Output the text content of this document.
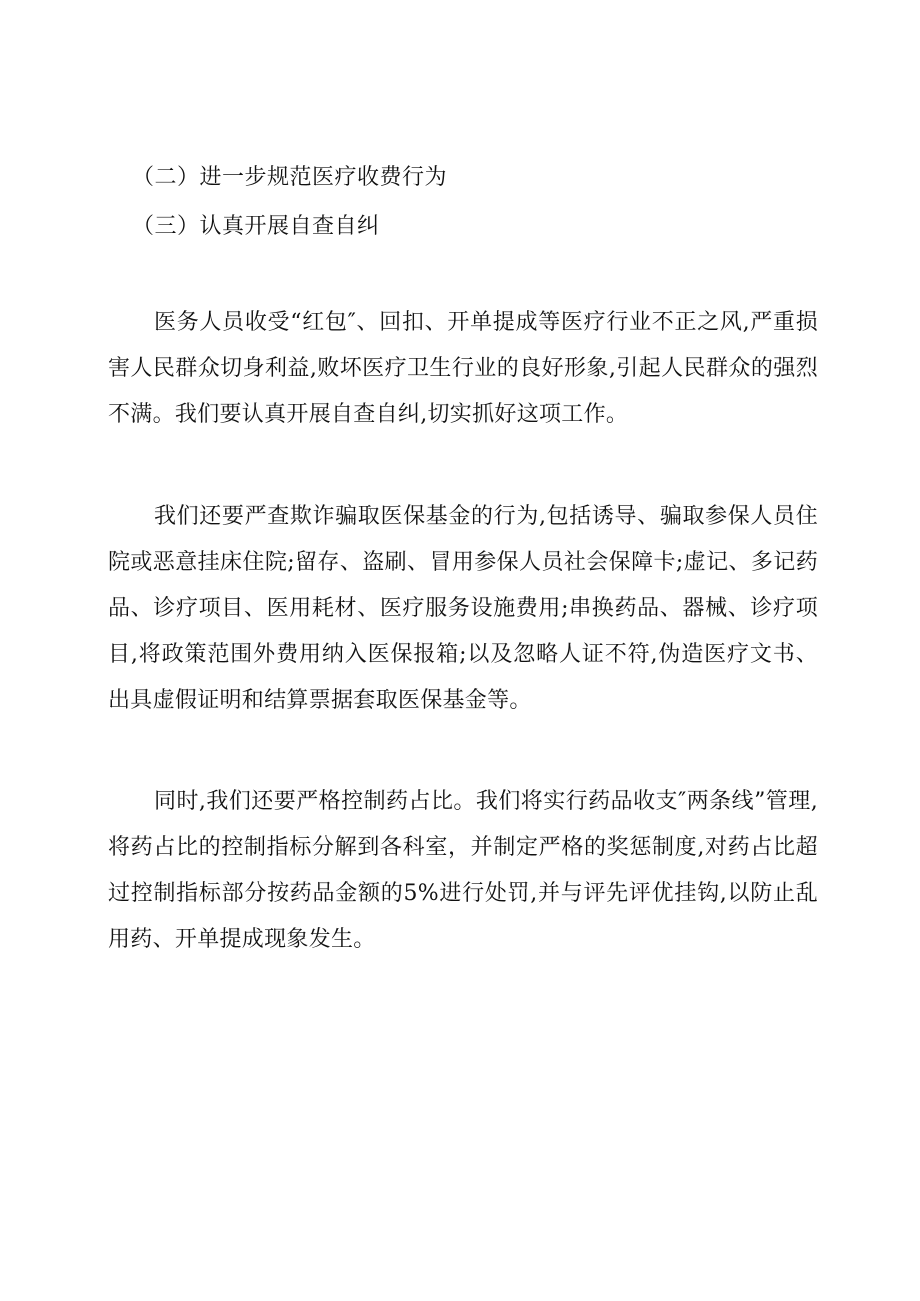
（二）进一步规范医疗收费行为
（三）认真开展自查自纠

医务人员收受“红包″、回扣、开单提成等医疗行业不正之风,严重损害人民群众切身利益,败坏医疗卫生行业的良好形象,引起人民群众的强烈不满。我们要认真开展自查自纠,切实抓好这项工作。

我们还要严查欺诈骗取医保基金的行为,包括诱导、骗取参保人员住院或恶意挂床住院;留存、盗刷、冒用参保人员社会保障卡;虚记、多记药品、诊疗项目、医用耗材、医疗服务设施费用;串换药品、器械、诊疗项目,将政策范围外费用纳入医保报箱;以及忽略人证不符,伪造医疗文书、出具虚假证明和结算票据套取医保基金等。

同时,我们还要严格控制药占比。我们将实行药品收支″两条线”管理,将药占比的控制指标分解到各科室，并制定严格的奖惩制度,对药占比超过控制指标部分按药品金额的5%进行处罚,并与评先评优挂钩,以防止乱用药、开单提成现象发生。
